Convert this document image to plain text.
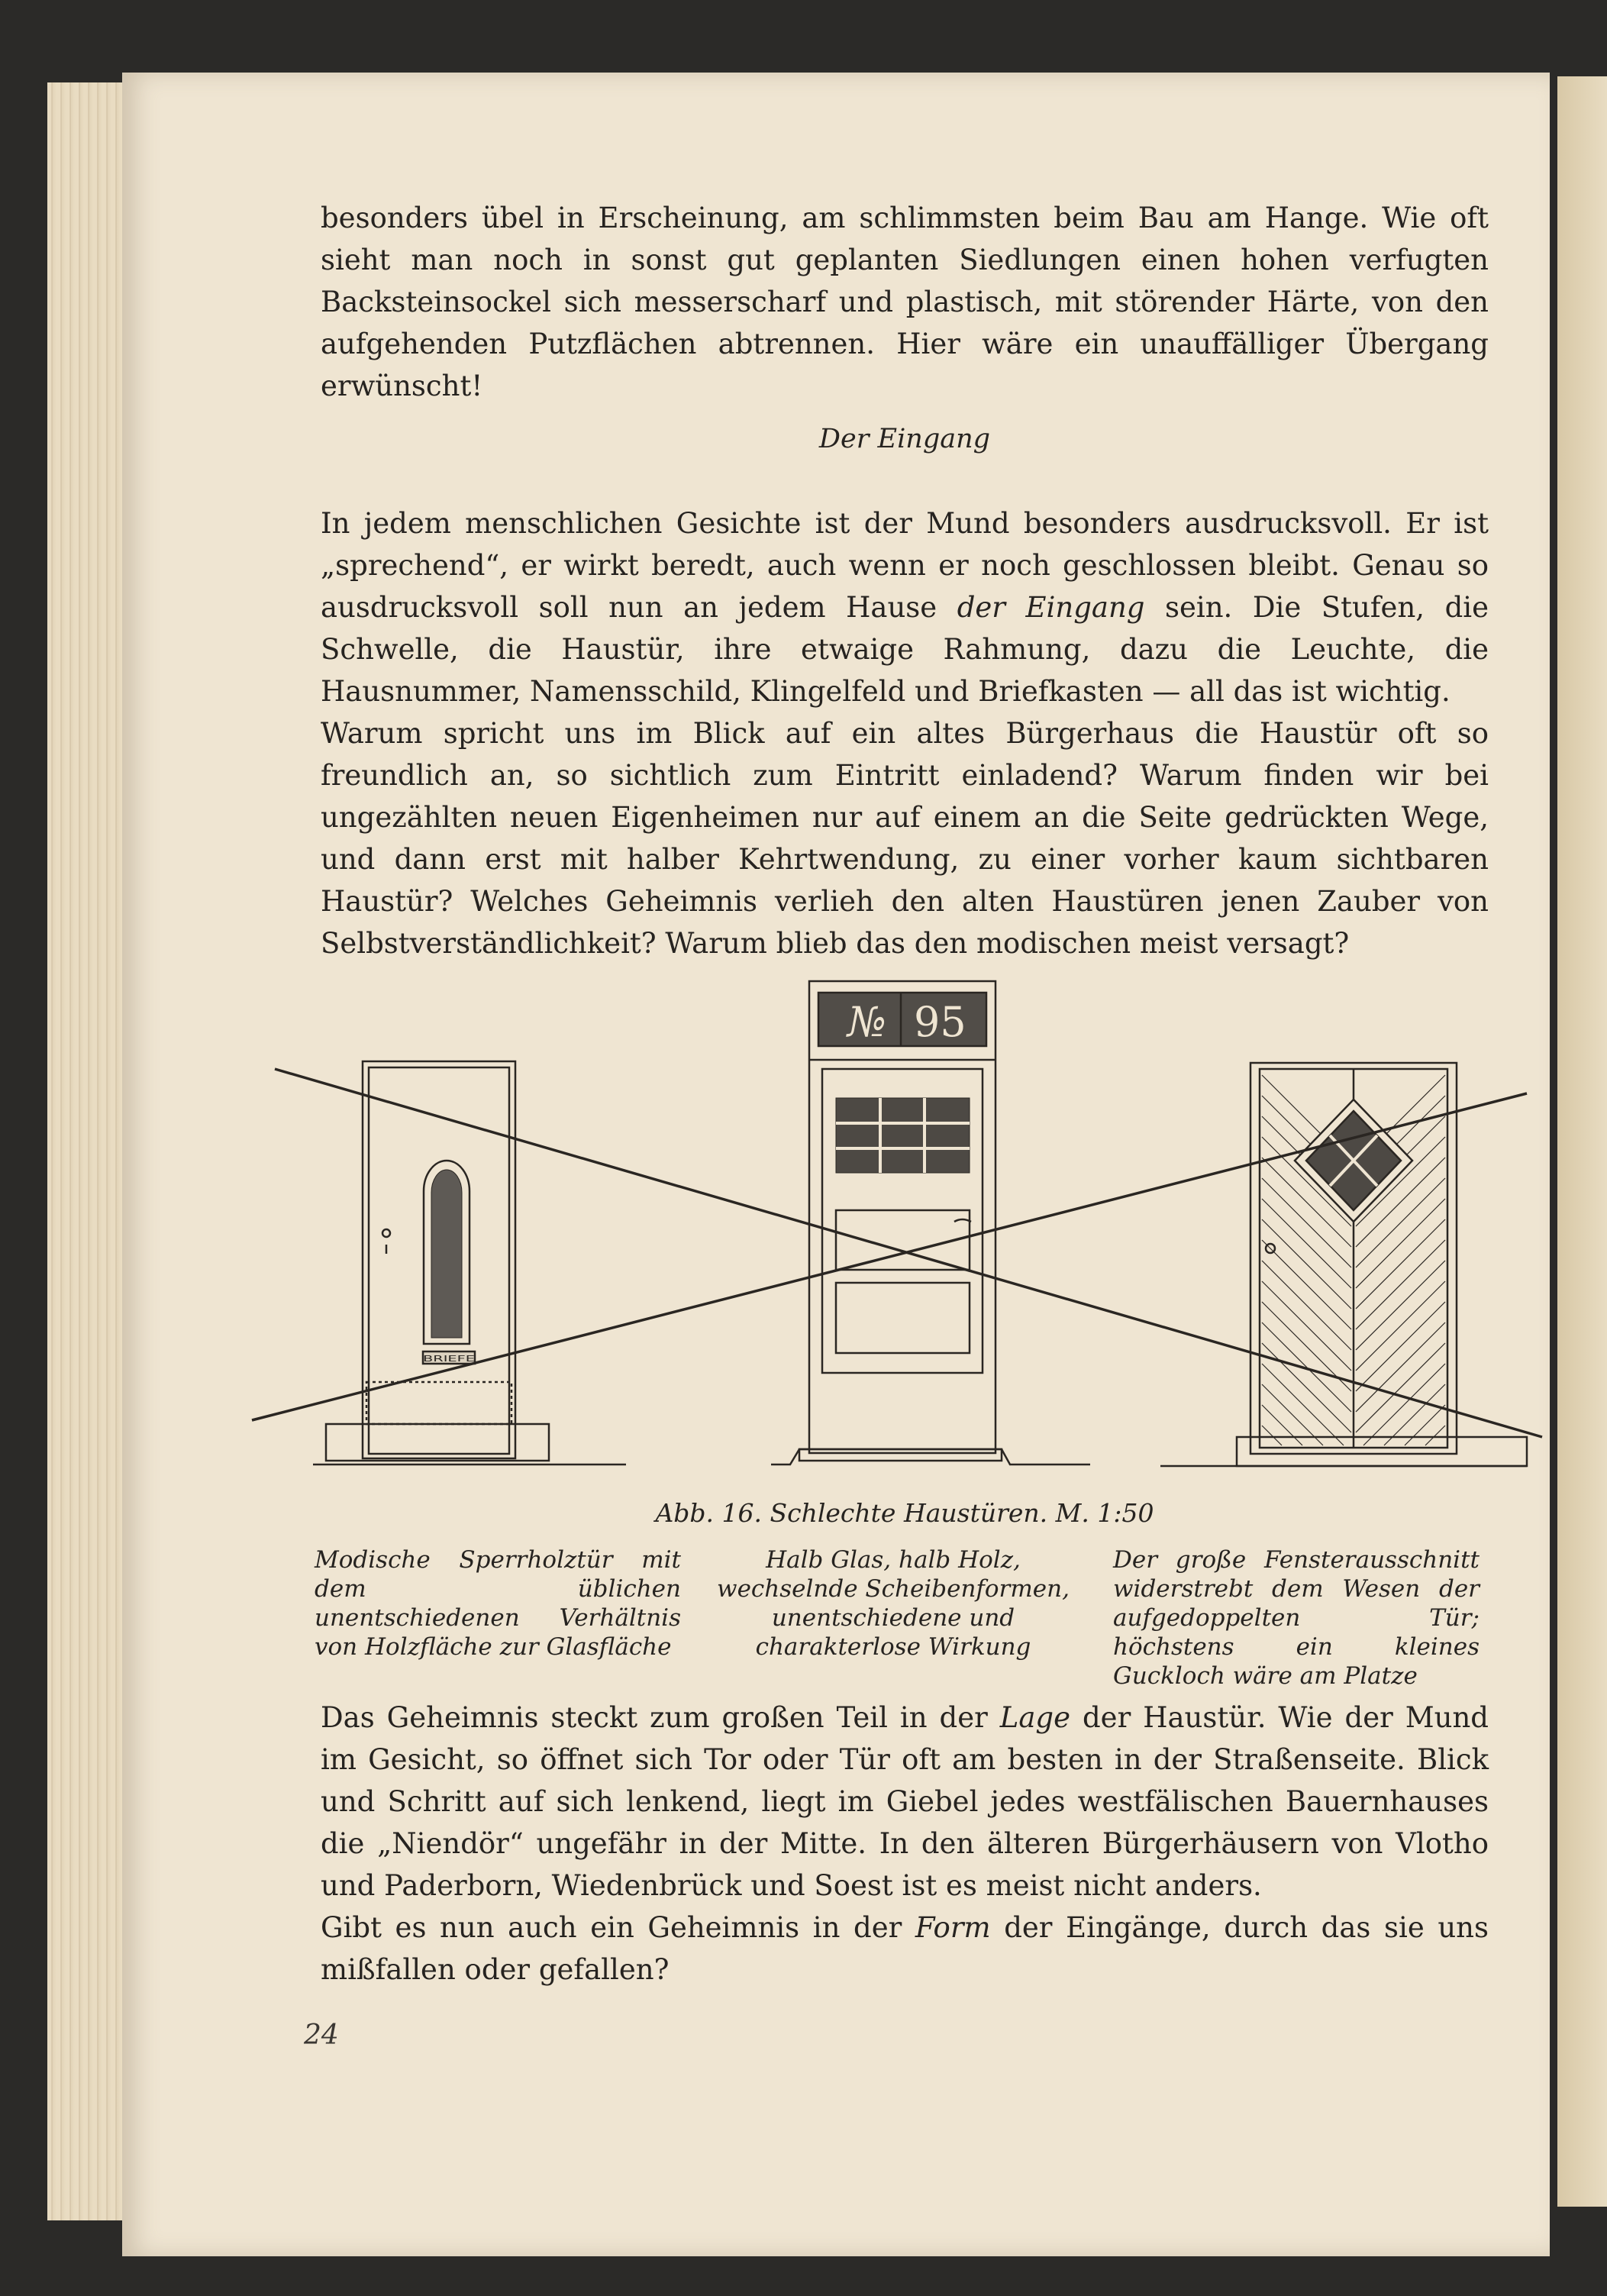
besonders übel in Erscheinung, am schlimmsten beim Bau am Hange. Wie oft sieht man noch in sonst gut geplanten Siedlungen einen hohen verfugten Backsteinsockel sich messerscharf und plastisch, mit störender Härte, von den aufgehenden Putzflächen abtrennen. Hier wäre ein unauffälliger Übergang erwünscht!

Der Eingang

In jedem menschlichen Gesichte ist der Mund besonders ausdrucksvoll. Er ist „sprechend“, er wirkt beredt, auch wenn er noch geschlossen bleibt. Genau so ausdrucksvoll soll nun an jedem Hause der Eingang sein. Die Stufen, die Schwelle, die Haustür, ihre etwaige Rahmung, dazu die Leuchte, die Hausnummer, Namensschild, Klingelfeld und Briefkasten — all das ist wichtig.

Warum spricht uns im Blick auf ein altes Bürgerhaus die Haustür oft so freundlich an, so sichtlich zum Eintritt einladend? Warum finden wir bei ungezählten neuen Eigenheimen nur auf einem an die Seite gedrückten Wege, und dann erst mit halber Kehrtwendung, zu einer vorher kaum sichtbaren Haustür? Welches Geheimnis verlieh den alten Haustüren jenen Zauber von Selbstverständlichkeit? Warum blieb das den modischen meist versagt?

№ 95
BRIEFE
Abb. 16. Schlechte Haustüren. M. 1:50
Modische Sperrholztür mit dem üblichen unentschiedenen Verhältnis von Holzfläche zur Glasfläche
Halb Glas, halb Holz, wechselnde Scheibenformen, unentschiedene und charakterlose Wirkung
Der große Fensterausschnitt widerstrebt dem Wesen der aufgedoppelten Tür; höchstens ein kleines Guckloch wäre am Platze

Das Geheimnis steckt zum großen Teil in der Lage der Haustür. Wie der Mund im Gesicht, so öffnet sich Tor oder Tür oft am besten in der Straßenseite. Blick und Schritt auf sich lenkend, liegt im Giebel jedes westfälischen Bauernhauses die „Niendör“ ungefähr in der Mitte. In den älteren Bürgerhäusern von Vlotho und Paderborn, Wiedenbrück und Soest ist es meist nicht anders.

Gibt es nun auch ein Geheimnis in der Form der Eingänge, durch das sie uns mißfallen oder gefallen?

24
